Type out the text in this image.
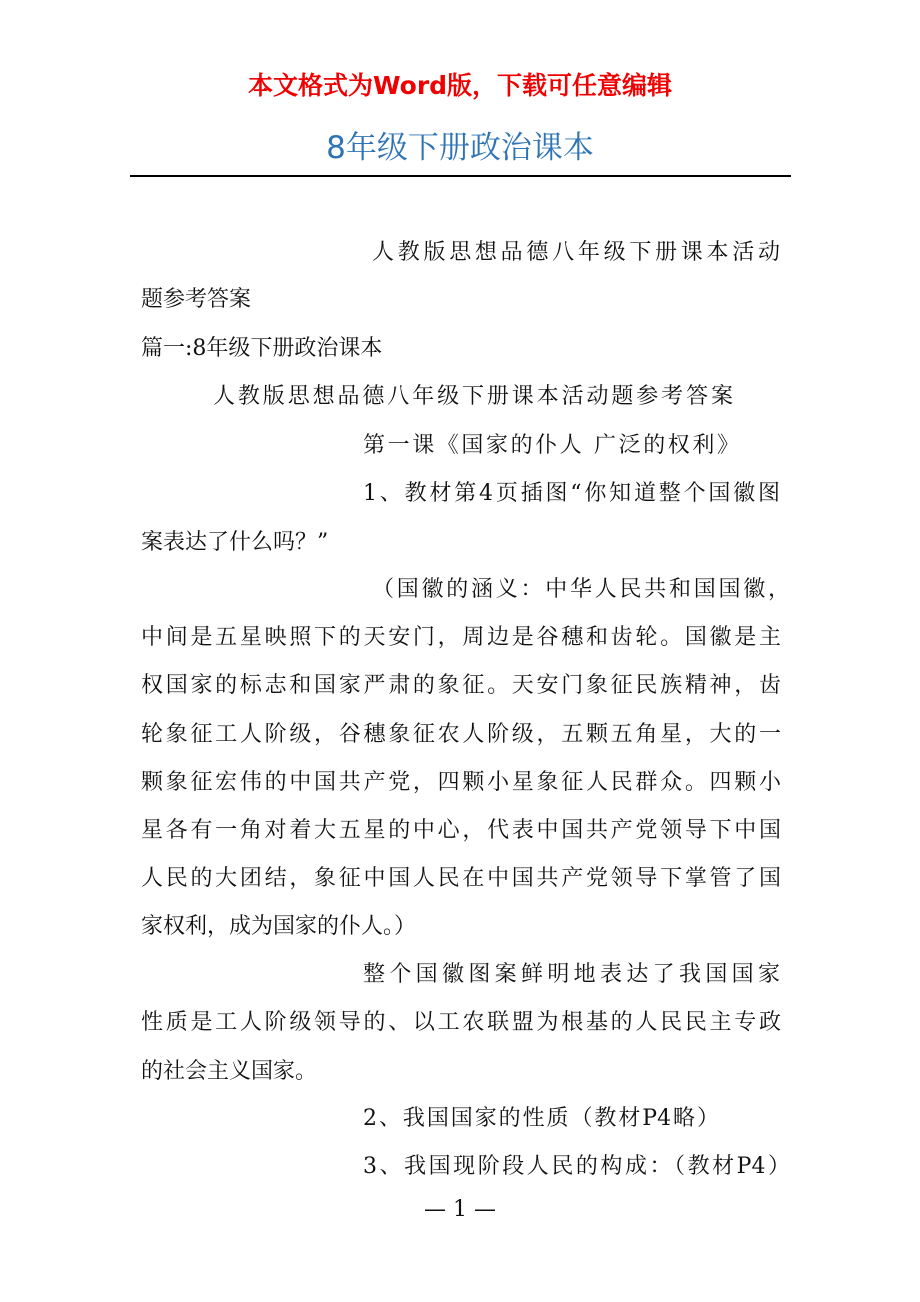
本文格式为Word版，下载可任意编辑
8年级下册政治课本
人教版思想品德八年级下册课本活动
题参考答案
篇一:8年级下册政治课本
人教版思想品德八年级下册课本活动题参考答案
第一课《国家的仆人 广泛的权利》
1、教材第4页插图“你知道整个国徽图
案表达了什么吗？”
（国徽的涵义：中华人民共和国国徽，
中间是五星映照下的天安门，周边是谷穗和齿轮。国徽是主
权国家的标志和国家严肃的象征。天安门象征民族精神，齿
轮象征工人阶级，谷穗象征农人阶级，五颗五角星，大的一
颗象征宏伟的中国共产党，四颗小星象征人民群众。四颗小
星各有一角对着大五星的中心，代表中国共产党领导下中国
人民的大团结，象征中国人民在中国共产党领导下掌管了国
家权利，成为国家的仆人。）
整个国徽图案鲜明地表达了我国国家
性质是工人阶级领导的、以工农联盟为根基的人民民主专政
的社会主义国家。
2、我国国家的性质（教材P4略）
3、我国现阶段人民的构成：（教材P4）
— 1 —
